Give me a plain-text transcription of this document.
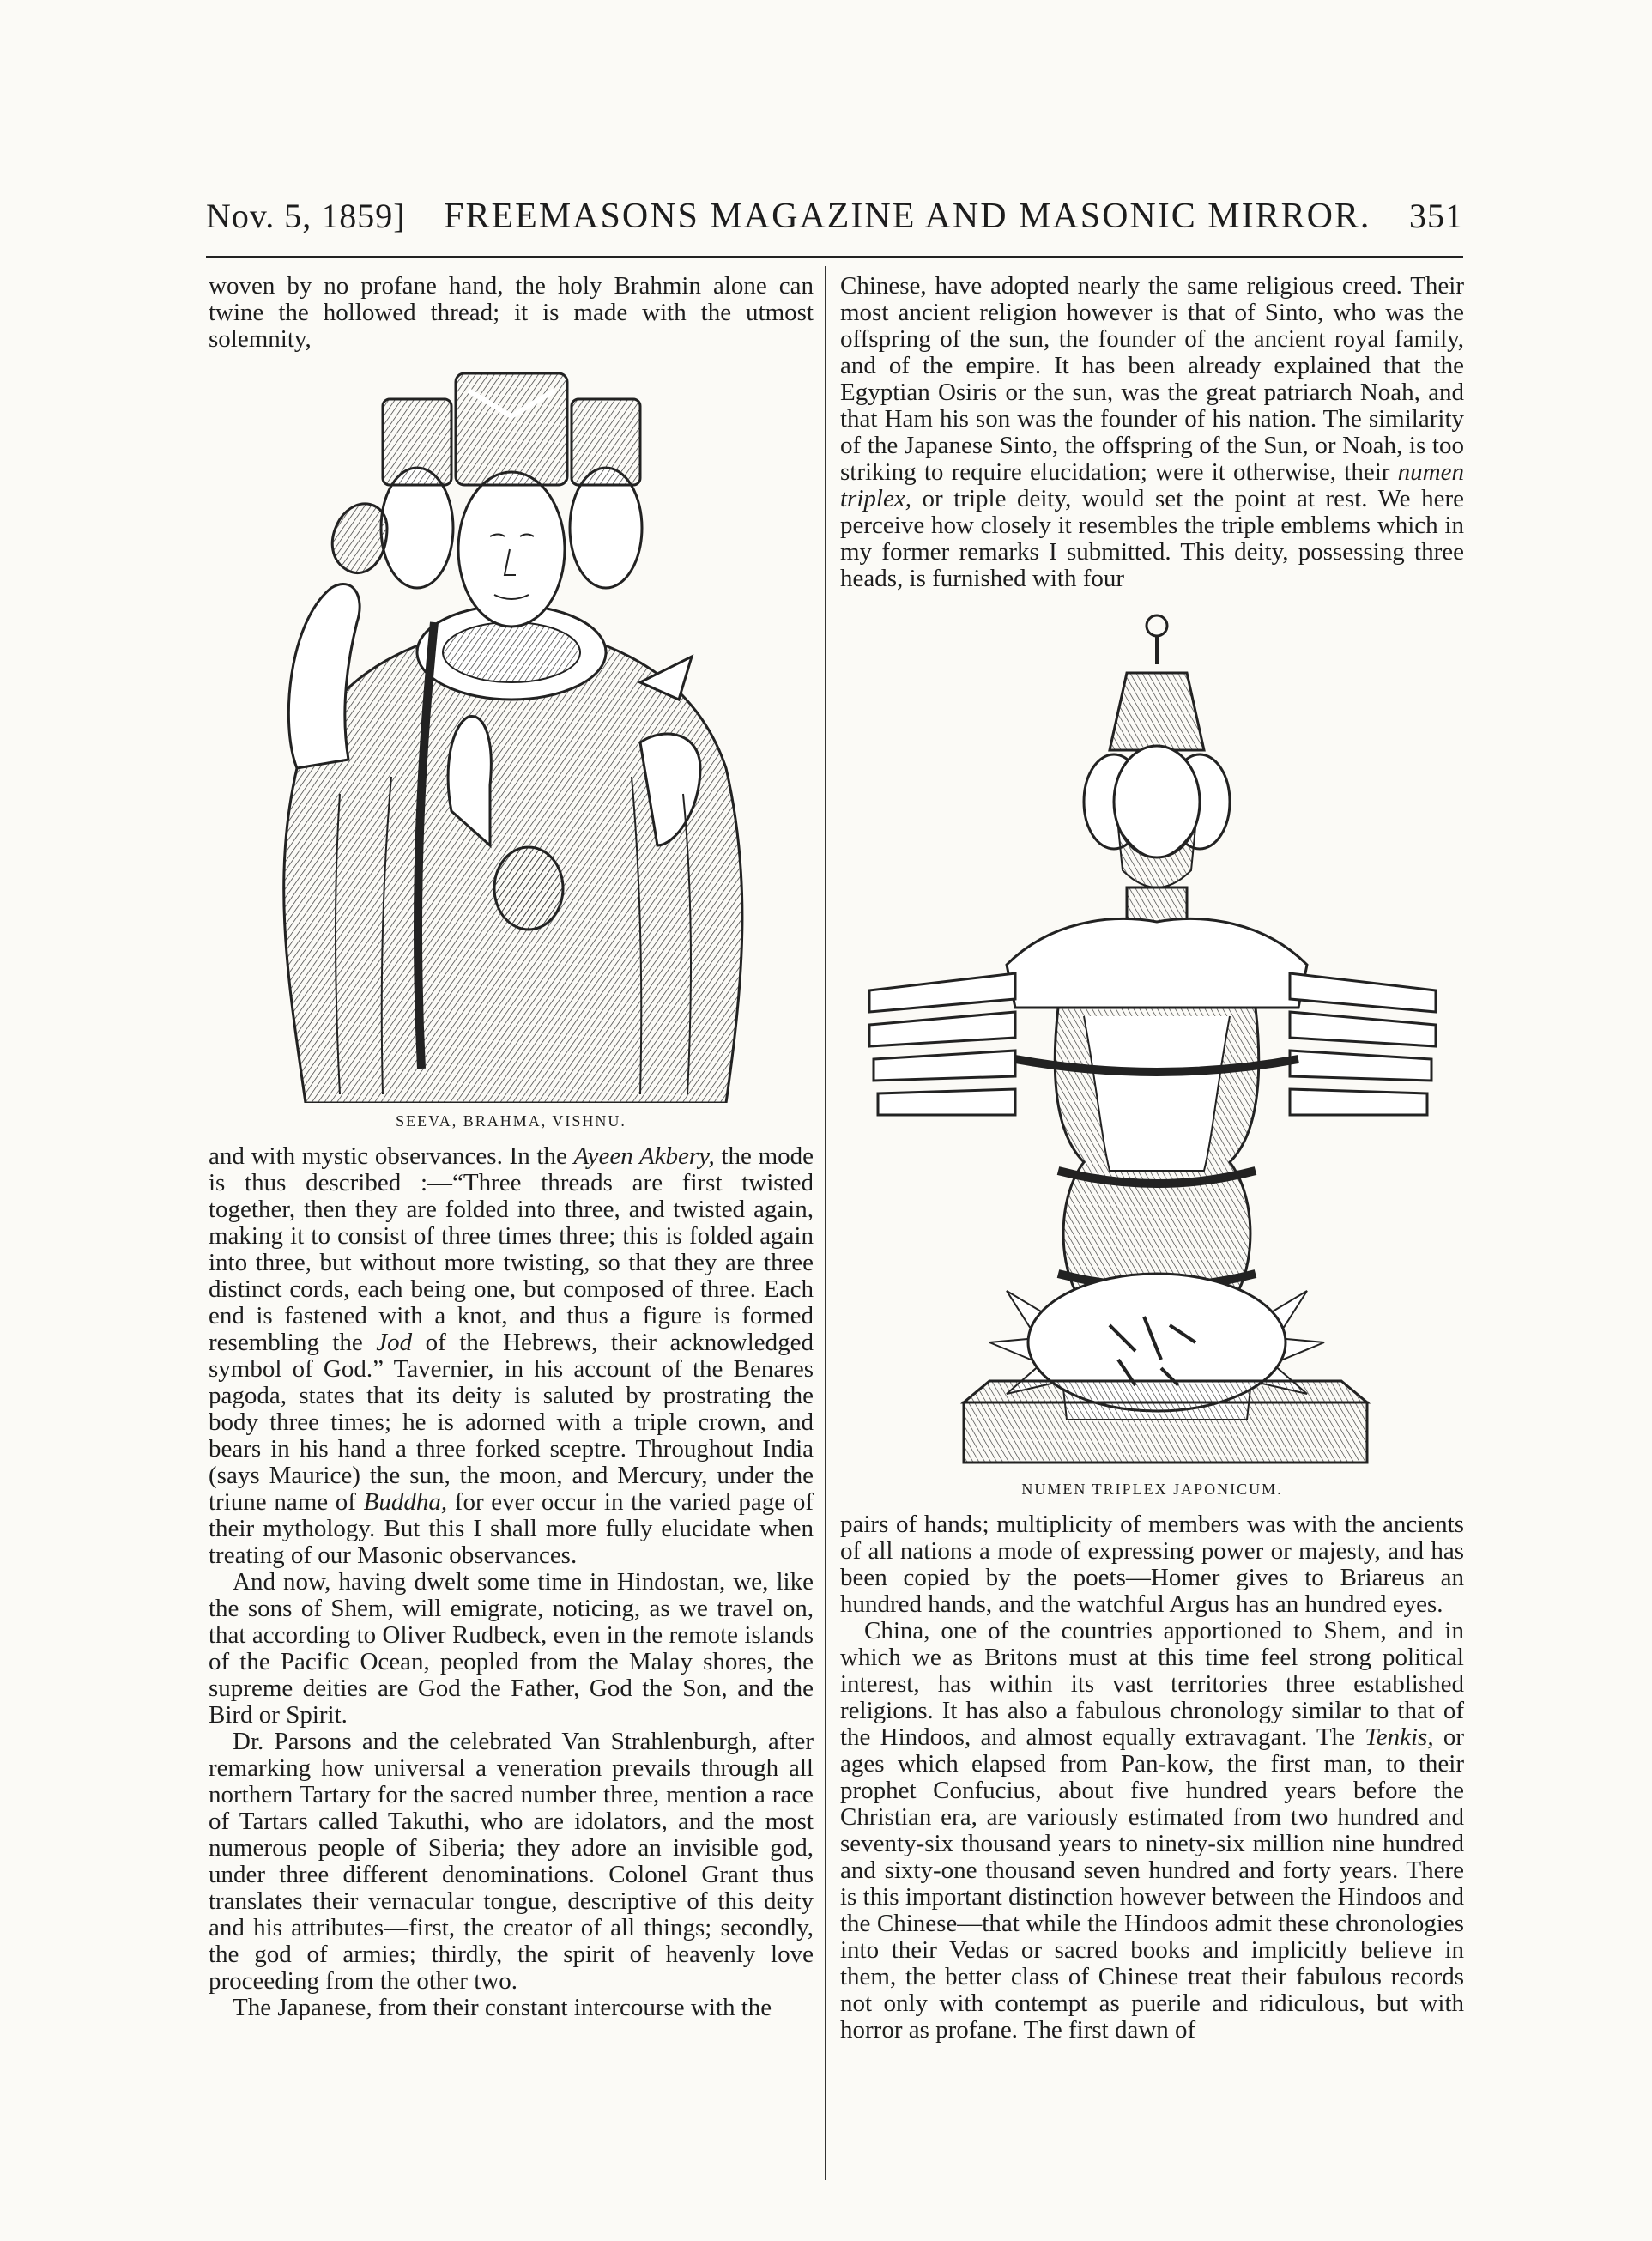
Nov. 5, 1859] FREEMASONS MAGAZINE AND MASONIC MIRROR. 351

woven by no profane hand, the holy Brahmin alone can twine the hollowed thread; it is made with the utmost solemnity,

SEEVA, BRAHMA, VISHNU.

and with mystic observances. In the Ayeen Akbery, the mode is thus described :—“Three threads are first twisted together, then they are folded into three, and twisted again, making it to consist of three times three; this is folded again into three, but without more twisting, so that they are three distinct cords, each being one, but composed of three. Each end is fastened with a knot, and thus a figure is formed resembling the Jod of the Hebrews, their acknowledged symbol of God.” Tavernier, in his account of the Benares pagoda, states that its deity is saluted by prostrating the body three times; he is adorned with a triple crown, and bears in his hand a three forked sceptre. Throughout India (says Maurice) the sun, the moon, and Mercury, under the triune name of Buddha, for ever occur in the varied page of their mythology. But this I shall more fully elucidate when treating of our Masonic observances.

And now, having dwelt some time in Hindostan, we, like the sons of Shem, will emigrate, noticing, as we travel on, that according to Oliver Rudbeck, even in the remote islands of the Pacific Ocean, peopled from the Malay shores, the supreme deities are God the Father, God the Son, and the Bird or Spirit.

Dr. Parsons and the celebrated Van Strahlenburgh, after remarking how universal a veneration prevails through all northern Tartary for the sacred number three, mention a race of Tartars called Takuthi, who are idolators, and the most numerous people of Siberia; they adore an invisible god, under three different denominations. Colonel Grant thus translates their vernacular tongue, descriptive of this deity and his attributes—first, the creator of all things; secondly, the god of armies; thirdly, the spirit of heavenly love proceeding from the other two.

The Japanese, from their constant intercourse with the

Chinese, have adopted nearly the same religious creed. Their most ancient religion however is that of Sinto, who was the offspring of the sun, the founder of the ancient royal family, and of the empire. It has been already explained that the Egyptian Osiris or the sun, was the great patriarch Noah, and that Ham his son was the founder of his nation. The similarity of the Japanese Sinto, the offspring of the Sun, or Noah, is too striking to require elucidation; were it otherwise, their numen triplex, or triple deity, would set the point at rest. We here perceive how closely it resembles the triple emblems which in my former remarks I submitted. This deity, possessing three heads, is furnished with four

NUMEN TRIPLEX JAPONICUM.

pairs of hands; multiplicity of members was with the ancients of all nations a mode of expressing power or majesty, and has been copied by the poets—Homer gives to Briareus an hundred hands, and the watchful Argus has an hundred eyes.

China, one of the countries apportioned to Shem, and in which we as Britons must at this time feel strong political interest, has within its vast territories three established religions. It has also a fabulous chronology similar to that of the Hindoos, and almost equally extravagant. The Tenkis, or ages which elapsed from Pan-kow, the first man, to their prophet Confucius, about five hundred years before the Christian era, are variously estimated from two hundred and seventy-six thousand years to ninety-six million nine hundred and sixty-one thousand seven hundred and forty years. There is this important distinction however between the Hindoos and the Chinese—that while the Hindoos admit these chronologies into their Vedas or sacred books and implicitly believe in them, the better class of Chinese treat their fabulous records not only with contempt as puerile and ridiculous, but with horror as profane. The first dawn of
